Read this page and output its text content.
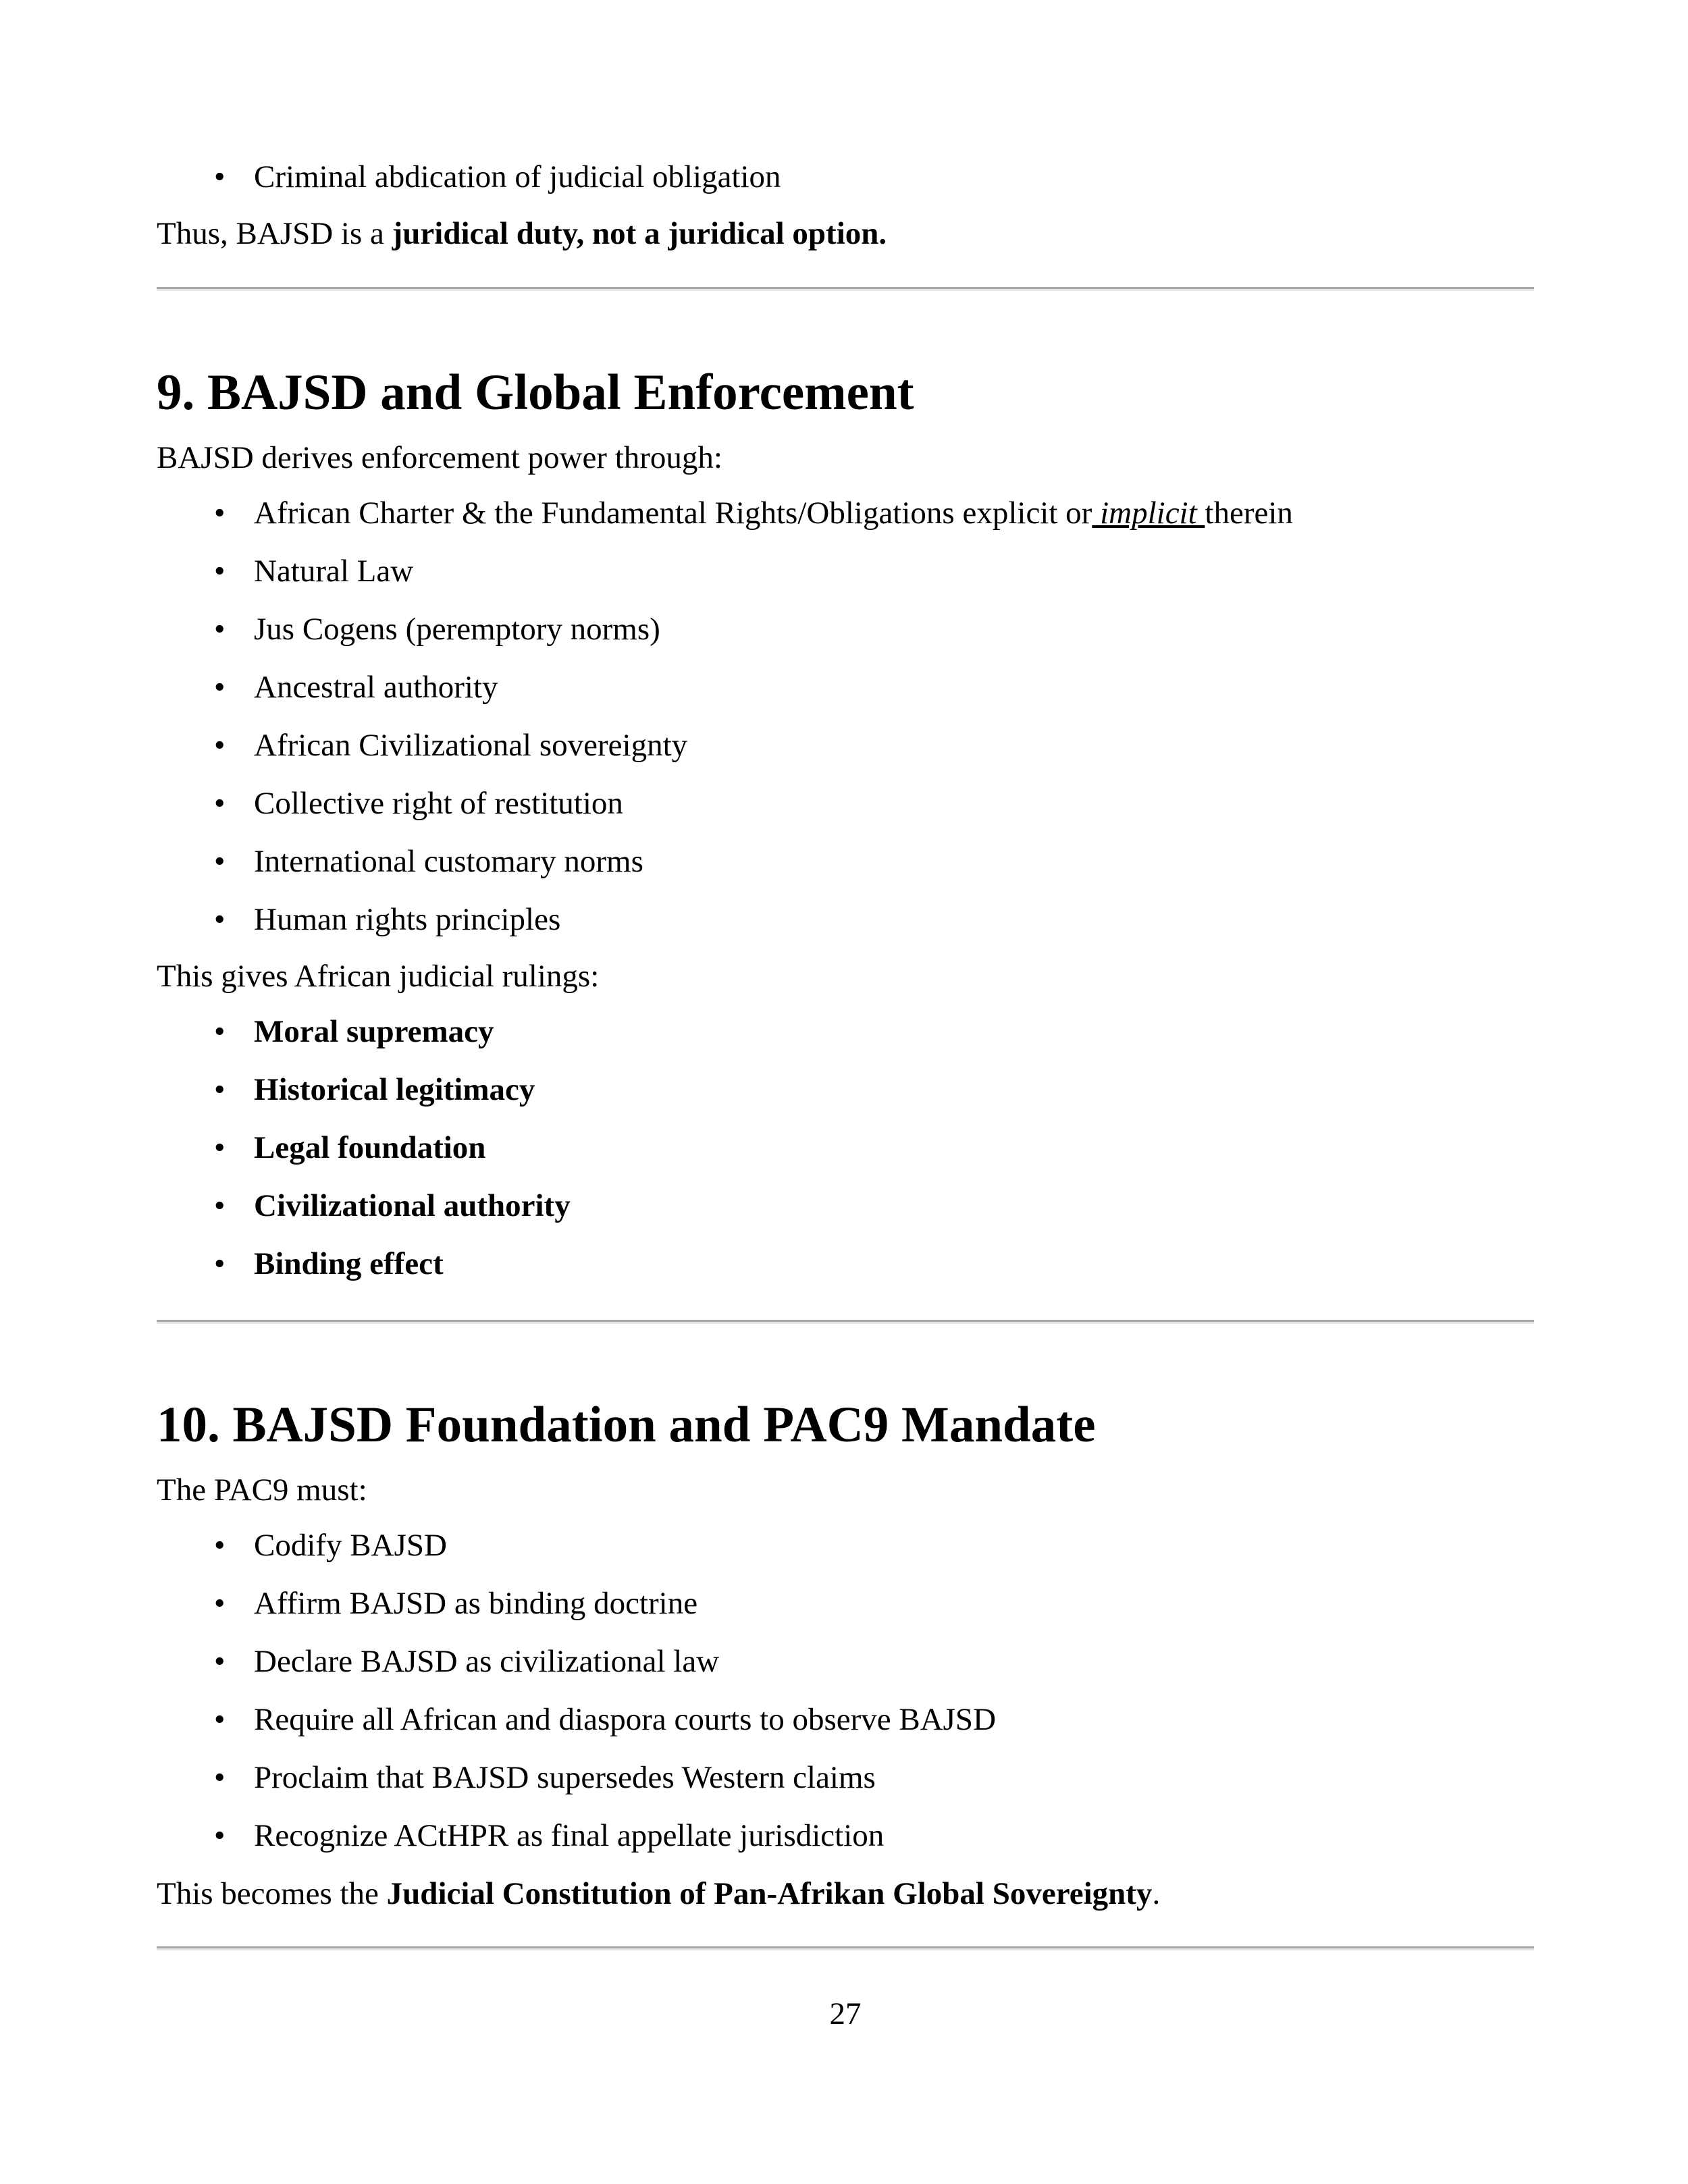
• Criminal abdication of judicial obligation
Thus, BAJSD is a juridical duty, not a juridical option.
9. BAJSD and Global Enforcement
BAJSD derives enforcement power through:
• African Charter & the Fundamental Rights/Obligations explicit or implicit therein
• Natural Law
• Jus Cogens (peremptory norms)
• Ancestral authority
• African Civilizational sovereignty
• Collective right of restitution
• International customary norms
• Human rights principles
This gives African judicial rulings:
• Moral supremacy
• Historical legitimacy
• Legal foundation
• Civilizational authority
• Binding effect
10. BAJSD Foundation and PAC9 Mandate
The PAC9 must:
• Codify BAJSD
• Affirm BAJSD as binding doctrine
• Declare BAJSD as civilizational law
• Require all African and diaspora courts to observe BAJSD
• Proclaim that BAJSD supersedes Western claims
• Recognize ACtHPR as final appellate jurisdiction
This becomes the Judicial Constitution of Pan-Afrikan Global Sovereignty.
27
